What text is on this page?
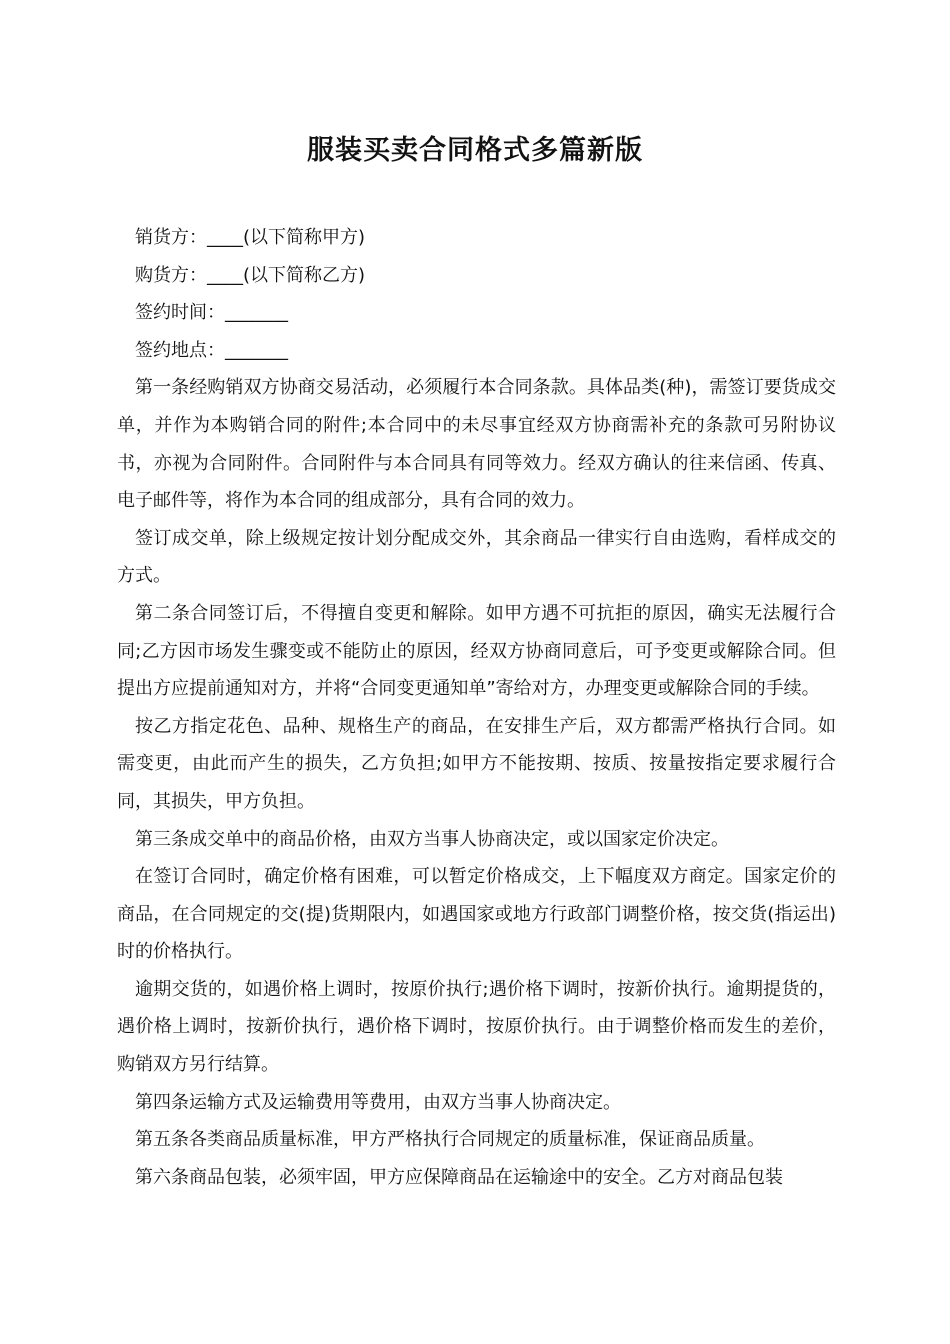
服装买卖合同格式多篇新版

销货方：____(以下简称甲方)

购货方：____(以下简称乙方)

签约时间：_______

签约地点：_______

第一条经购销双方协商交易活动，必须履行本合同条款。具体品类(种)，需签订要货成交单，并作为本购销合同的附件;本合同中的未尽事宜经双方协商需补充的条款可另附协议书，亦视为合同附件。合同附件与本合同具有同等效力。经双方确认的往来信函、传真、电子邮件等，将作为本合同的组成部分，具有合同的效力。

签订成交单，除上级规定按计划分配成交外，其余商品一律实行自由选购，看样成交的方式。

第二条合同签订后，不得擅自变更和解除。如甲方遇不可抗拒的原因，确实无法履行合同;乙方因市场发生骤变或不能防止的原因，经双方协商同意后，可予变更或解除合同。但提出方应提前通知对方，并将“合同变更通知单”寄给对方，办理变更或解除合同的手续。

按乙方指定花色、品种、规格生产的商品，在安排生产后，双方都需严格执行合同。如需变更，由此而产生的损失，乙方负担;如甲方不能按期、按质、按量按指定要求履行合同，其损失，甲方负担。

第三条成交单中的商品价格，由双方当事人协商决定，或以国家定价决定。

在签订合同时，确定价格有困难，可以暂定价格成交，上下幅度双方商定。国家定价的商品，在合同规定的交(提)货期限内，如遇国家或地方行政部门调整价格，按交货(指运出)时的价格执行。

逾期交货的，如遇价格上调时，按原价执行;遇价格下调时，按新价执行。逾期提货的，遇价格上调时，按新价执行，遇价格下调时，按原价执行。由于调整价格而发生的差价，购销双方另行结算。

第四条运输方式及运输费用等费用，由双方当事人协商决定。

第五条各类商品质量标准，甲方严格执行合同规定的质量标准，保证商品质量。

第六条商品包装，必须牢固，甲方应保障商品在运输途中的安全。乙方对商品包装
